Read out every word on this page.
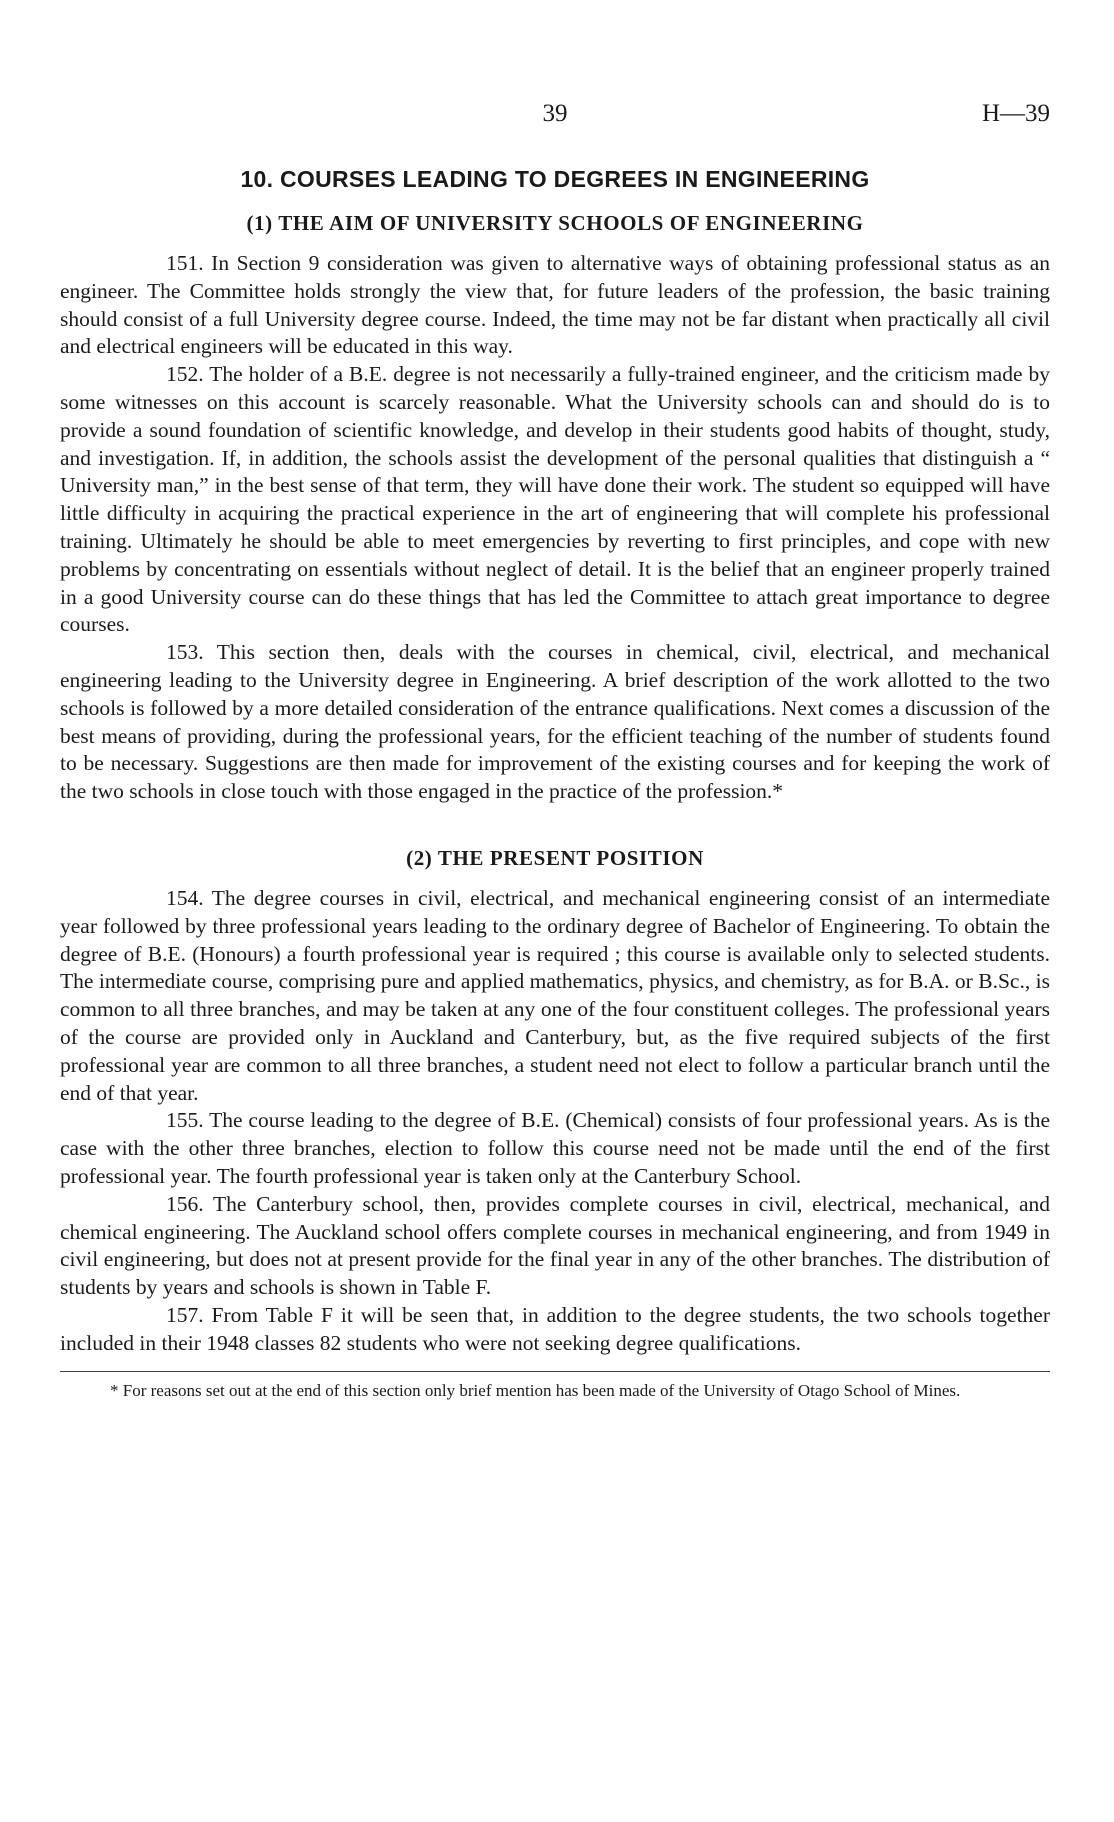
39	H—39
10. COURSES LEADING TO DEGREES IN ENGINEERING
(1) THE AIM OF UNIVERSITY SCHOOLS OF ENGINEERING

151. In Section 9 consideration was given to alternative ways of obtaining professional status as an engineer. The Committee holds strongly the view that, for future leaders of the profession, the basic training should consist of a full University degree course. Indeed, the time may not be far distant when practically all civil and electrical engineers will be educated in this way.

152. The holder of a B.E. degree is not necessarily a fully-trained engineer, and the criticism made by some witnesses on this account is scarcely reasonable. What the University schools can and should do is to provide a sound foundation of scientific knowledge, and develop in their students good habits of thought, study, and investigation. If, in addition, the schools assist the development of the personal qualities that distinguish a “ University man,” in the best sense of that term, they will have done their work. The student so equipped will have little difficulty in acquiring the practical experience in the art of engineering that will complete his professional training. Ultimately he should be able to meet emergencies by reverting to first principles, and cope with new problems by concentrating on essentials without neglect of detail. It is the belief that an engineer properly trained in a good University course can do these things that has led the Committee to attach great importance to degree courses.

153. This section then, deals with the courses in chemical, civil, electrical, and mechanical engineering leading to the University degree in Engineering. A brief description of the work allotted to the two schools is followed by a more detailed consideration of the entrance qualifications. Next comes a discussion of the best means of providing, during the professional years, for the efficient teaching of the number of students found to be necessary. Suggestions are then made for improvement of the existing courses and for keeping the work of the two schools in close touch with those engaged in the practice of the profession.*

(2) THE PRESENT POSITION

154. The degree courses in civil, electrical, and mechanical engineering consist of an intermediate year followed by three professional years leading to the ordinary degree of Bachelor of Engineering. To obtain the degree of B.E. (Honours) a fourth professional year is required ; this course is available only to selected students. The intermediate course, comprising pure and applied mathematics, physics, and chemistry, as for B.A. or B.Sc., is common to all three branches, and may be taken at any one of the four constituent colleges. The professional years of the course are provided only in Auckland and Canterbury, but, as the five required subjects of the first professional year are common to all three branches, a student need not elect to follow a particular branch until the end of that year.

155. The course leading to the degree of B.E. (Chemical) consists of four professional years. As is the case with the other three branches, election to follow this course need not be made until the end of the first professional year. The fourth professional year is taken only at the Canterbury School.

156. The Canterbury school, then, provides complete courses in civil, electrical, mechanical, and chemical engineering. The Auckland school offers complete courses in mechanical engineering, and from 1949 in civil engineering, but does not at present provide for the final year in any of the other branches. The distribution of students by years and schools is shown in Table F.

157. From Table F it will be seen that, in addition to the degree students, the two schools together included in their 1948 classes 82 students who were not seeking degree qualifications.

* For reasons set out at the end of this section only brief mention has been made of the University of Otago School of Mines.
